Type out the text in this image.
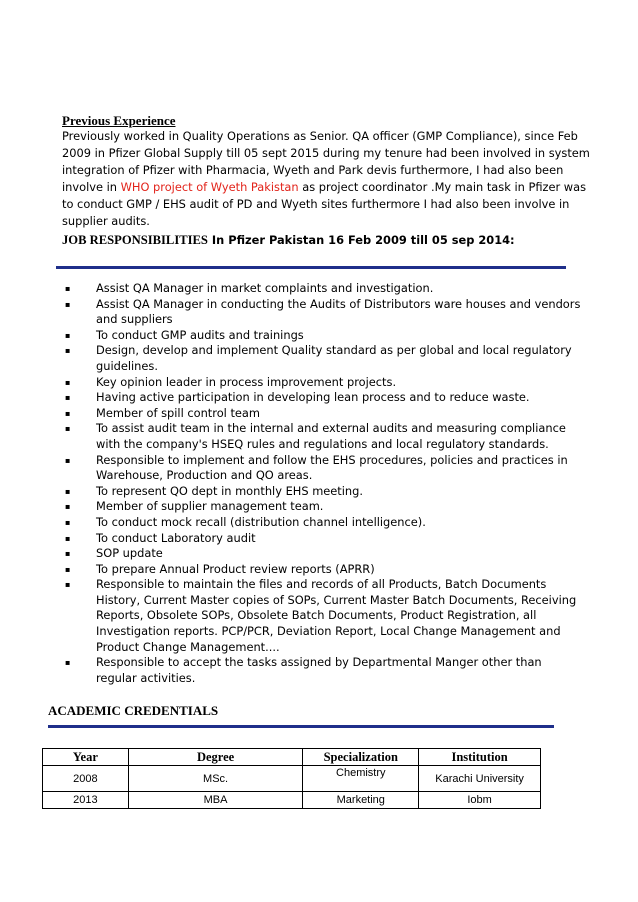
Previous Experience

Previously worked in Quality Operations as Senior. QA officer (GMP Compliance), since Feb 2009 in Pfizer Global Supply till 05 sept 2015 during my tenure had been involved in system integration of Pfizer with Pharmacia, Wyeth and Park devis furthermore, I had also been involve in WHO project of Wyeth Pakistan as project coordinator .My main task in Pfizer was to conduct GMP / EHS audit of PD and Wyeth sites furthermore I had also been involve in supplier audits.

JOB RESPONSIBILITIES In Pfizer Pakistan 16 Feb 2009 till 05 sep 2014:
▪ Assist QA Manager in market complaints and investigation.
▪ Assist QA Manager in conducting the Audits of Distributors ware houses and vendors and suppliers
▪ To conduct GMP audits and trainings
▪ Design, develop and implement Quality standard as per global and local regulatory guidelines.
▪ Key opinion leader in process improvement projects.
▪ Having active participation in developing lean process and to reduce waste.
▪ Member of spill control team
▪ To assist audit team in the internal and external audits and measuring compliance with the company's HSEQ rules and regulations and local regulatory standards.
▪ Responsible to implement and follow the EHS procedures, policies and practices in Warehouse, Production and QO areas.
▪ To represent QO dept in monthly EHS meeting.
▪ Member of supplier management team.
▪ To conduct mock recall (distribution channel intelligence).
▪ To conduct Laboratory audit
▪ SOP update
▪ To prepare Annual Product review reports (APRR)
▪ Responsible to maintain the files and records of all Products, Batch Documents History, Current Master copies of SOPs, Current Master Batch Documents, Receiving Reports, Obsolete SOPs, Obsolete Batch Documents, Product Registration, all Investigation reports. PCP/PCR, Deviation Report, Local Change Management and Product Change Management....
▪ Responsible to accept the tasks assigned by Departmental Manger other than regular activities.
ACADEMIC CREDENTIALS
Year	Degree	Specialization	Institution
2008	MSc.	Chemistry	Karachi University
2013	MBA	Marketing	Iobm
